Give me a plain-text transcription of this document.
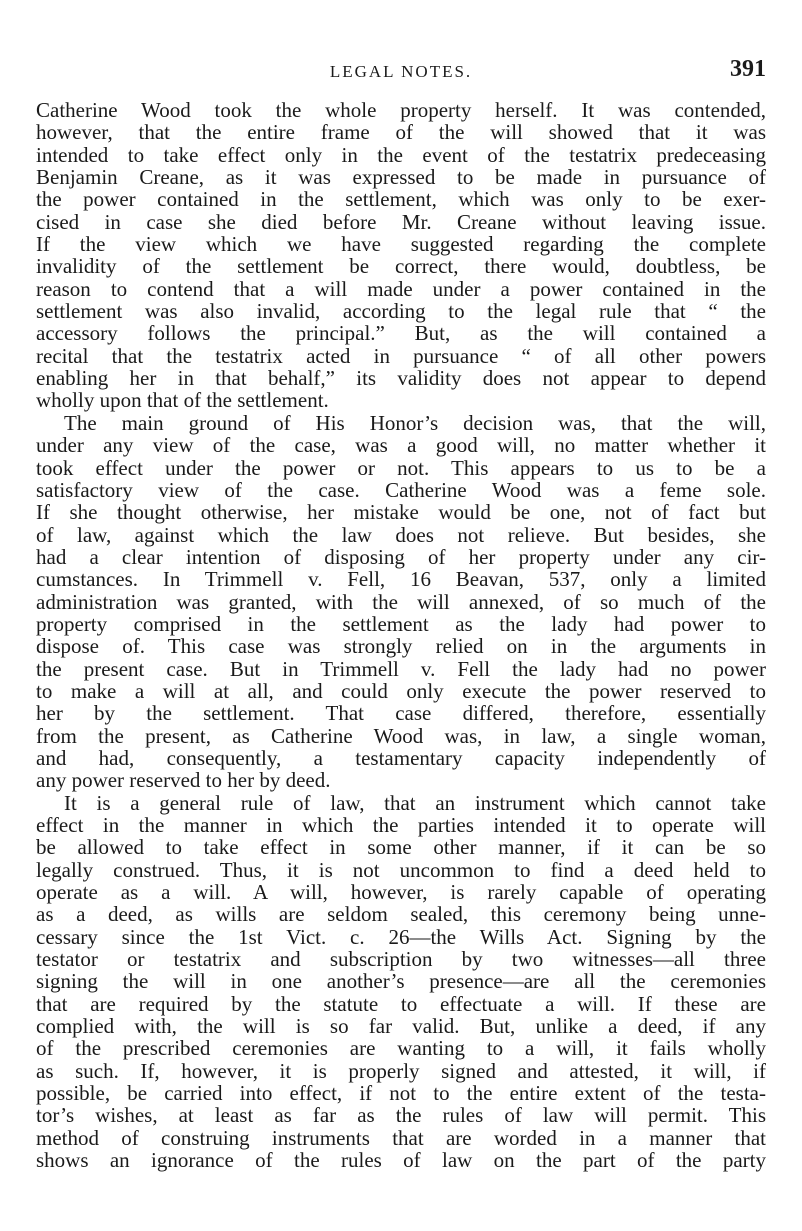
LEGAL NOTES.	391
Catherine Wood took the whole property herself. It was contended,
however, that the entire frame of the will showed that it was
intended to take effect only in the event of the testatrix predeceasing
Benjamin Creane, as it was expressed to be made in pursuance of
the power contained in the settlement, which was only to be exer-
cised in case she died before Mr. Creane without leaving issue.
If the view which we have suggested regarding the complete
invalidity of the settlement be correct, there would, doubtless, be
reason to contend that a will made under a power contained in the
settlement was also invalid, according to the legal rule that “ the
accessory follows the principal.” But, as the will contained a
recital that the testatrix acted in pursuance “ of all other powers
enabling her in that behalf,” its validity does not appear to depend
wholly upon that of the settlement.
The main ground of His Honor’s decision was, that the will,
under any view of the case, was a good will, no matter whether it
took effect under the power or not. This appears to us to be a
satisfactory view of the case. Catherine Wood was a feme sole.
If she thought otherwise, her mistake would be one, not of fact but
of law, against which the law does not relieve. But besides, she
had a clear intention of disposing of her property under any cir-
cumstances. In Trimmell v. Fell, 16 Beavan, 537, only a limited
administration was granted, with the will annexed, of so much of the
property comprised in the settlement as the lady had power to
dispose of. This case was strongly relied on in the arguments in
the present case. But in Trimmell v. Fell the lady had no power
to make a will at all, and could only execute the power reserved to
her by the settlement. That case differed, therefore, essentially
from the present, as Catherine Wood was, in law, a single woman,
and had, consequently, a testamentary capacity independently of
any power reserved to her by deed.
It is a general rule of law, that an instrument which cannot take
effect in the manner in which the parties intended it to operate will
be allowed to take effect in some other manner, if it can be so
legally construed. Thus, it is not uncommon to find a deed held to
operate as a will. A will, however, is rarely capable of operating
as a deed, as wills are seldom sealed, this ceremony being unne-
cessary since the 1st Vict. c. 26—the Wills Act. Signing by the
testator or testatrix and subscription by two witnesses—all three
signing the will in one another’s presence—are all the ceremonies
that are required by the statute to effectuate a will. If these are
complied with, the will is so far valid. But, unlike a deed, if any
of the prescribed ceremonies are wanting to a will, it fails wholly
as such. If, however, it is properly signed and attested, it will, if
possible, be carried into effect, if not to the entire extent of the testa-
tor’s wishes, at least as far as the rules of law will permit. This
method of construing instruments that are worded in a manner that
shows an ignorance of the rules of law on the part of the party
